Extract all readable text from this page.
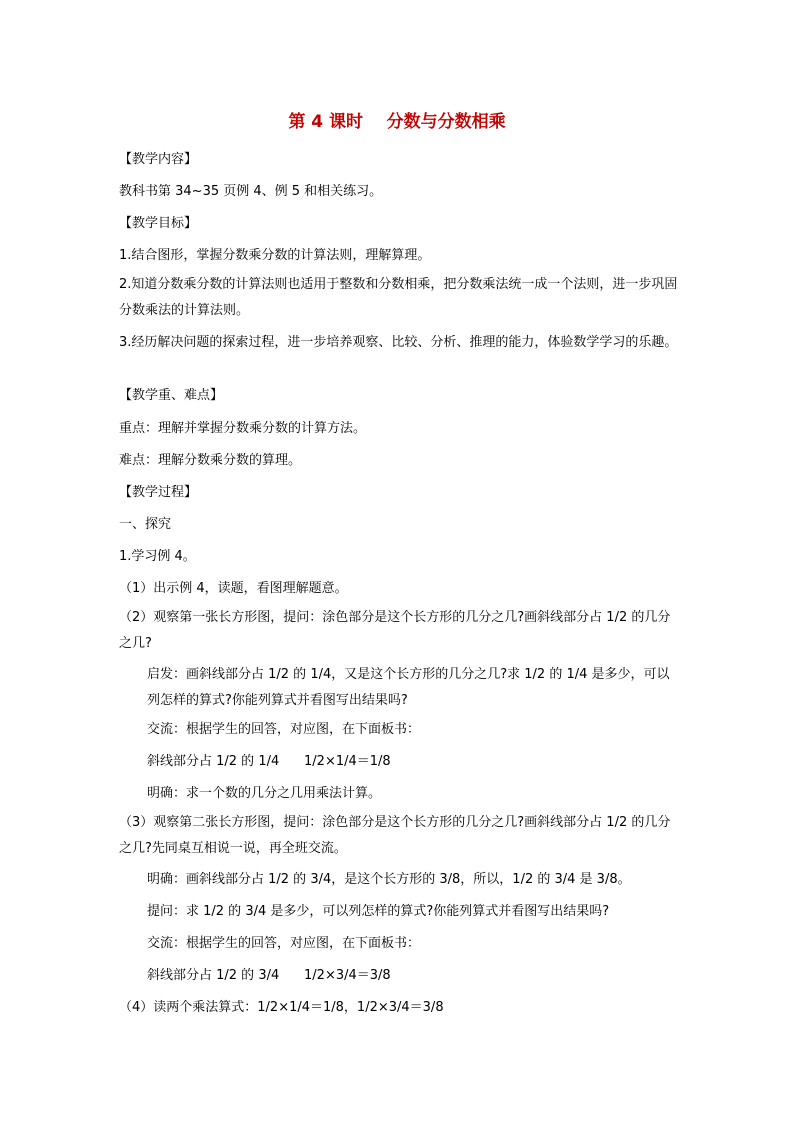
第 4 课时    分数与分数相乘
【教学内容】
教科书第 34~35 页例 4、例 5 和相关练习。
【教学目标】
1.结合图形，掌握分数乘分数的计算法则，理解算理。
2.知道分数乘分数的计算法则也适用于整数和分数相乘，把分数乘法统一成一个法则，进一步巩固分数乘法的计算法则。
3.经历解决问题的探索过程，进一步培养观察、比较、分析、推理的能力，体验数学学习的乐趣。
【教学重、难点】
重点：理解并掌握分数乘分数的计算方法。
难点：理解分数乘分数的算理。
【教学过程】
一、探究
1.学习例 4。
（1）出示例 4，读题，看图理解题意。
（2）观察第一张长方形图，提问：涂色部分是这个长方形的几分之几?画斜线部分占 1/2 的几分之几?
启发：画斜线部分占 1/2 的 1/4，又是这个长方形的几分之几?求 1/2 的 1/4 是多少，可以列怎样的算式?你能列算式并看图写出结果吗?
交流：根据学生的回答，对应图，在下面板书：
斜线部分占 1/2 的 1/4      1/2×1/4＝1/8
明确：求一个数的几分之几用乘法计算。
（3）观察第二张长方形图，提问：涂色部分是这个长方形的几分之几?画斜线部分占 1/2 的几分之几?先同桌互相说一说，再全班交流。
明确：画斜线部分占 1/2 的 3/4，是这个长方形的 3/8，所以，1/2 的 3/4 是 3/8。
提问：求 1/2 的 3/4 是多少，可以列怎样的算式?你能列算式并看图写出结果吗?
交流：根据学生的回答，对应图，在下面板书：
斜线部分占 1/2 的 3/4      1/2×3/4＝3/8
（4）读两个乘法算式：1/2×1/4＝1/8，1/2×3/4＝3/8
